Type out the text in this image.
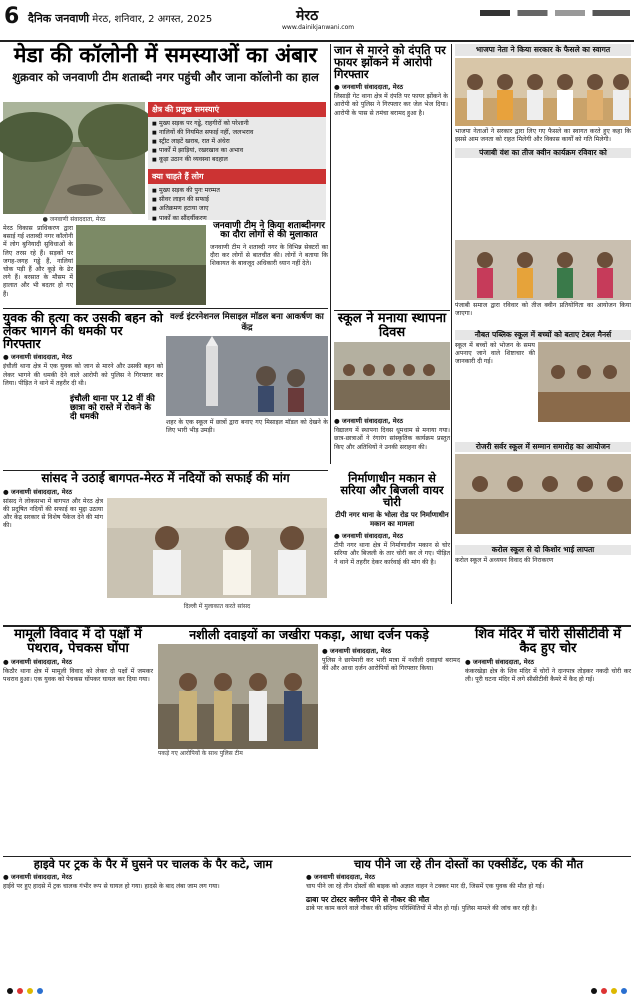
6 दैनिक जनवाणी मेरठ, शनिवार, 2 अगस्त, 2025	मेरठ
www.dainikjanwani.com
मेडा की कॉलोनी में समस्याओं का अंबार
शुक्रवार को जनवाणी टीम शताब्दी नगर पहुंची और जाना कॉलोनी का हाल
● जनवाणी संवाददाता, मेरठ
मेरठ विकास प्राधिकरण द्वारा बसाई गई शताब्दी नगर कॉलोनी में लोग बुनियादी सुविधाओं के लिए तरस रहे हैं। सड़कों पर जगह-जगह गड्ढे हैं, नालियां चोक पड़ी हैं और कूड़े के ढेर लगे हैं। बरसात के मौसम में हालात और भी बदतर हो गए हैं।
क्षेत्र की प्रमुख समस्याएं
■ मुख्य सड़क पर गड्ढे, राहगीरों को परेशानी
■ नालियों की नियमित सफाई नहीं, जलभराव
■ स्ट्रीट लाइटें खराब, रात में अंधेरा
■ पार्कों में झाड़ियां, रखरखाव का अभाव
■ कूड़ा उठान की व्यवस्था बदहाल
क्या चाहते हैं लोग
■ मुख्य सड़क की पुनः मरम्मत
■ सीवर लाइन की सफाई
■ अतिक्रमण हटाया जाए
■ पार्कों का सौंदर्यीकरण
जनवाणी टीम ने किया शताब्दीनगर का दौरा लोगों से की मुलाकात
जनवाणी टीम ने शताब्दी नगर के विभिन्न सेक्टरों का दौरा कर लोगों से बातचीत की। लोगों ने बताया कि शिकायत के बावजूद अधिकारी ध्यान नहीं देते।
युवक की हत्या कर उसकी बहन को लेकर भागने की धमकी पर गिरफ्तार
● जनवाणी संवाददाता, मेरठ
इंचौली थाना क्षेत्र में एक युवक को जान से मारने और उसकी बहन को लेकर भागने की धमकी देने वाले आरोपी को पुलिस ने गिरफ्तार कर लिया। पीड़ित ने थाने में तहरीर दी थी।
इंचौली थाना पर 12 वीं की छात्रा को रास्ते में रोकने के दी धमकी
वर्ल्ड इंटरनेशनल मिसाइल मॉडल बना आकर्षण का केंद्र
शहर के एक स्कूल में छात्रों द्वारा बनाए गए मिसाइल मॉडल को देखने के लिए भारी भीड़ उमड़ी।
जान से मारने को दंपति पर फायर झोंकने में आरोपी गिरफ्तार
● जनवाणी संवाददाता, मेरठ
लिसाड़ी गेट थाना क्षेत्र में दंपति पर फायर झोंकने के आरोपी को पुलिस ने गिरफ्तार कर जेल भेज दिया। आरोपी के पास से तमंचा बरामद हुआ है।
भाजपा नेता ने किया सरकार के फैसले का स्वागत
भाजपा नेताओं ने सरकार द्वारा लिए गए फैसले का स्वागत करते हुए कहा कि इससे आम जनता को राहत मिलेगी और विकास कार्यों को गति मिलेगी।
पंजाबी वंश का तीज क्वीन कार्यक्रम रविवार को
पंजाबी समाज द्वारा रविवार को तीज क्वीन प्रतियोगिता का आयोजन किया जाएगा।
नौबत पब्लिक स्कूल में बच्चों को बताए टेबल मैनर्स
स्कूल में बच्चों को भोजन के समय अपनाए जाने वाले शिष्टाचार की जानकारी दी गई।
रोजरी सर्वर स्कूल में सम्मान समारोह का आयोजन
स्कूल ने मनाया स्थापना दिवस
● जनवाणी संवाददाता, मेरठ
विद्यालय में स्थापना दिवस धूमधाम से मनाया गया। छात्र-छात्राओं ने रंगारंग सांस्कृतिक कार्यक्रम प्रस्तुत किए और अतिथियों ने उनकी सराहना की।
सांसद ने उठाई बागपत-मेरठ में नदियों को सफाई की मांग
● जनवाणी संवाददाता, मेरठ
सांसद ने लोकसभा में बागपत और मेरठ क्षेत्र की प्रदूषित नदियों की सफाई का मुद्दा उठाया और केंद्र सरकार से विशेष पैकेज देने की मांग की।
दिल्ली में मुलाकात करते सांसद
निर्माणाधीन मकान से सरिया और बिजली वायर चोरी
टीपी नगर थाना के भोला रोड पर निर्माणाधीन मकान का मामला
● जनवाणी संवाददाता, मेरठ
टीपी नगर थाना क्षेत्र में निर्माणाधीन मकान से चोर सरिया और बिजली के तार चोरी कर ले गए। पीड़ित ने थाने में तहरीर देकर कार्रवाई की मांग की है।
करोल स्कूल से दो किशोर भाई लापता
करोल स्कूल में अध्ययन विवाद की निराकरण
मामूली विवाद में दो पक्षों में पथराव, पेचकस घोंपा
● जनवाणी संवाददाता, मेरठ
किठौर थाना क्षेत्र में मामूली विवाद को लेकर दो पक्षों में जमकर पथराव हुआ। एक युवक को पेचकस घोंपकर घायल कर दिया गया।
नशीली दवाइयों का जखीरा पकड़ा, आधा दर्जन पकड़े
● जनवाणी संवाददाता, मेरठ
पुलिस ने छापेमारी कर भारी मात्रा में नशीली दवाइयां बरामद कीं और आधा दर्जन आरोपियों को गिरफ्तार किया।
पकड़े गए आरोपियों के साथ पुलिस टीम
शिव मंदिर में चोरी सीसीटीवी में कैद हुए चोर
● जनवाणी संवाददाता, मेरठ
कंकरखेड़ा क्षेत्र के शिव मंदिर में चोरों ने दानपात्र तोड़कर नकदी चोरी कर ली। पूरी घटना मंदिर में लगे सीसीटीवी कैमरे में कैद हो गई।
हाइवे पर ट्रक के पैर में घुसने पर चालक के पैर कटे, जाम
● जनवाणी संवाददाता, मेरठ
हाईवे पर हुए हादसे में ट्रक चालक गंभीर रूप से घायल हो गया। हादसे के बाद लंबा जाम लग गया।
चाय पीने जा रहे तीन दोस्तों का एक्सीडेंट, एक की मौत
● जनवाणी संवाददाता, मेरठ
चाय पीने जा रहे तीन दोस्तों की बाइक को अज्ञात वाहन ने टक्कर मार दी, जिसमें एक युवक की मौत हो गई।
ढाबा पर टोस्टर क्लीनर पीने से नौकर की मौत
ढाबे पर काम करने वाले नौकर की संदिग्ध परिस्थितियों में मौत हो गई। पुलिस मामले की जांच कर रही है।
